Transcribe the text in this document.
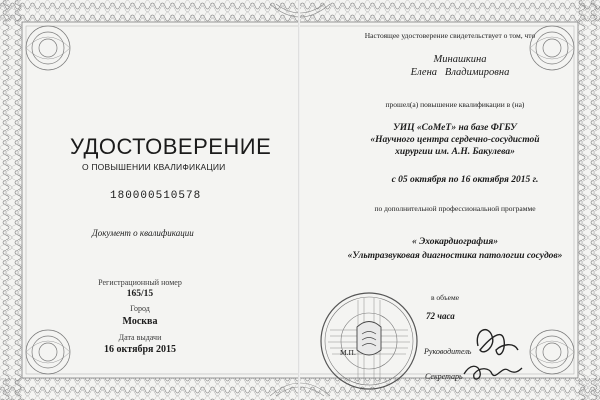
УДОСТОВЕРЕНИЕ
О ПОВЫШЕНИИ КВАЛИФИКАЦИИ
180000510578
Документ о квалификации
Регистрационный номер
165/15
Город
Москва
Дата выдачи
16 октября 2015
Настоящее удостоверение свидетельствует о том, что
Минашкина
Елена   Владимировна
прошел(а) повышение квалификации в (на)
УИЦ «СоМеТ» на базе ФГБУ
«Научного центра сердечно-сосудистой
хирургии им. А.Н. Бакулева»
с 05 октября по 16 октября 2015 г.
по дополнительной профессиональной программе
« Эхокардиография»
«Ультразвуковая диагностика патологии сосудов»
в объеме
72 часа
М.П.	Руководитель
Секретарь
